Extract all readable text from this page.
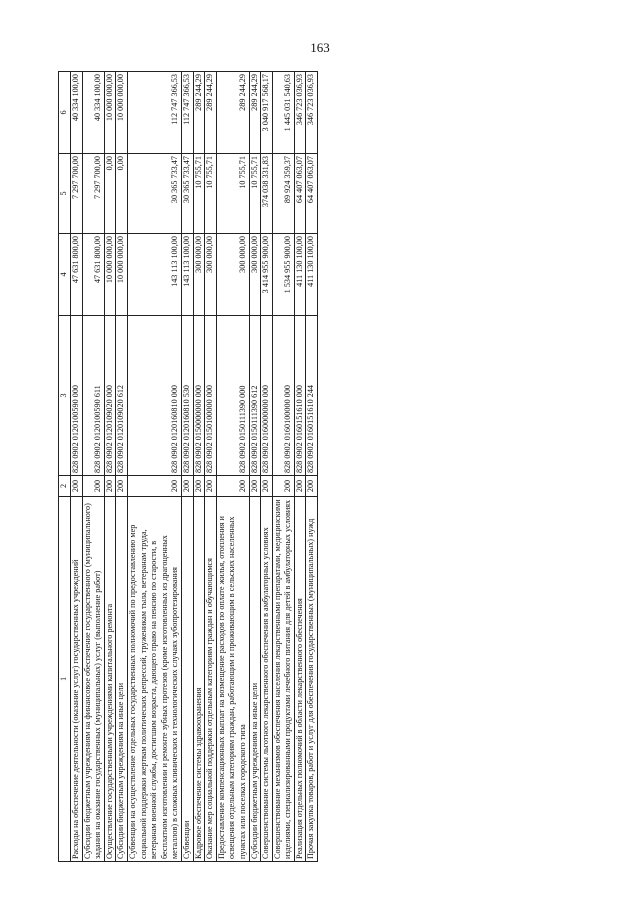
163
1	2	3	4	5	6
Расходы на обеспечение деятельности (оказание услуг) государственных учреждений	200	828 0902 0120100590 000	47 631 800,00	7 297 700,00	40 334 100,00
Субсидии бюджетным учреждениям на финансовое обеспечение государственного (муниципального) задания на оказание государственных (муниципальных) услуг (выполнение работ)	200	828 0902 0120100590 611	47 631 800,00	7 297 700,00	40 334 100,00
Осуществление государственными учреждениями капитального ремонта	200	828 0902 0120109020 000	10 000 000,00	0,00	10 000 000,00
Субсидии бюджетным учреждениям на иные цели	200	828 0902 0120109020 612	10 000 000,00	0,00	10 000 000,00
Субвенции на осуществление отдельных государственных полномочий по предоставлению мер социальной поддержки жертвам политических репрессий, труженикам тыла, ветеранам труда, ветеранам военной службы, достигшим возраста, дающего право на пенсию по старости, в бесплатном изготовлении и ремонте зубных протезов (кроме изготовленных из драгоценных металлов) в сложных клинических и технологических случаях зубопротезирования	200	828 0902 0120160810 000	143 113 100,00	30 365 733,47	112 747 366,53
Субвенции	200	828 0902 0120160810 530	143 113 100,00	30 365 733,47	112 747 366,53
Кадровое обеспечение системы здравоохранения	200	828 0902 0150000000 000	300 000,00	10 755,71	289 244,29
Оказание мер социальной поддержки отдельным категориям граждан и обучающимся	200	828 0902 0150100000 000	300 000,00	10 755,71	289 244,29
Предоставление компенсационных выплат на возмещение расходов по оплате жилья, отопления и освещения отдельным категориям граждан, работающим и проживающим в сельских населенных пунктах или поселках городского типа	200	828 0902 0150111390 000	300 000,00	10 755,71	289 244,29
Субсидии бюджетным учреждениям на иные цели	200	828 0902 0150111390 612	300 000,00	10 755,71	289 244,29
Совершенствование системы льготного лекарственного обеспечения в амбулаторных условиях	200	828 0902 0160000000 000	3 414 955 900,00	374 038 331,83	3 040 917 568,17
Совершенствование механизмов обеспечения населения лекарственными препаратами, медицинскими изделиями, специализированными продуктами лечебного питания для детей в амбулаторных условиях	200	828 0902 0160100000 000	1 534 955 900,00	89 924 359,37	1 445 031 540,63
Реализация отдельных полномочий в области лекарственного обеспечения	200	828 0902 0160151610 000	411 130 100,00	64 407 063,07	346 723 036,93
Прочая закупка товаров, работ и услуг для обеспечения государственных (муниципальных) нужд	200	828 0902 0160151610 244	411 130 100,00	64 407 063,07	346 723 036,93
